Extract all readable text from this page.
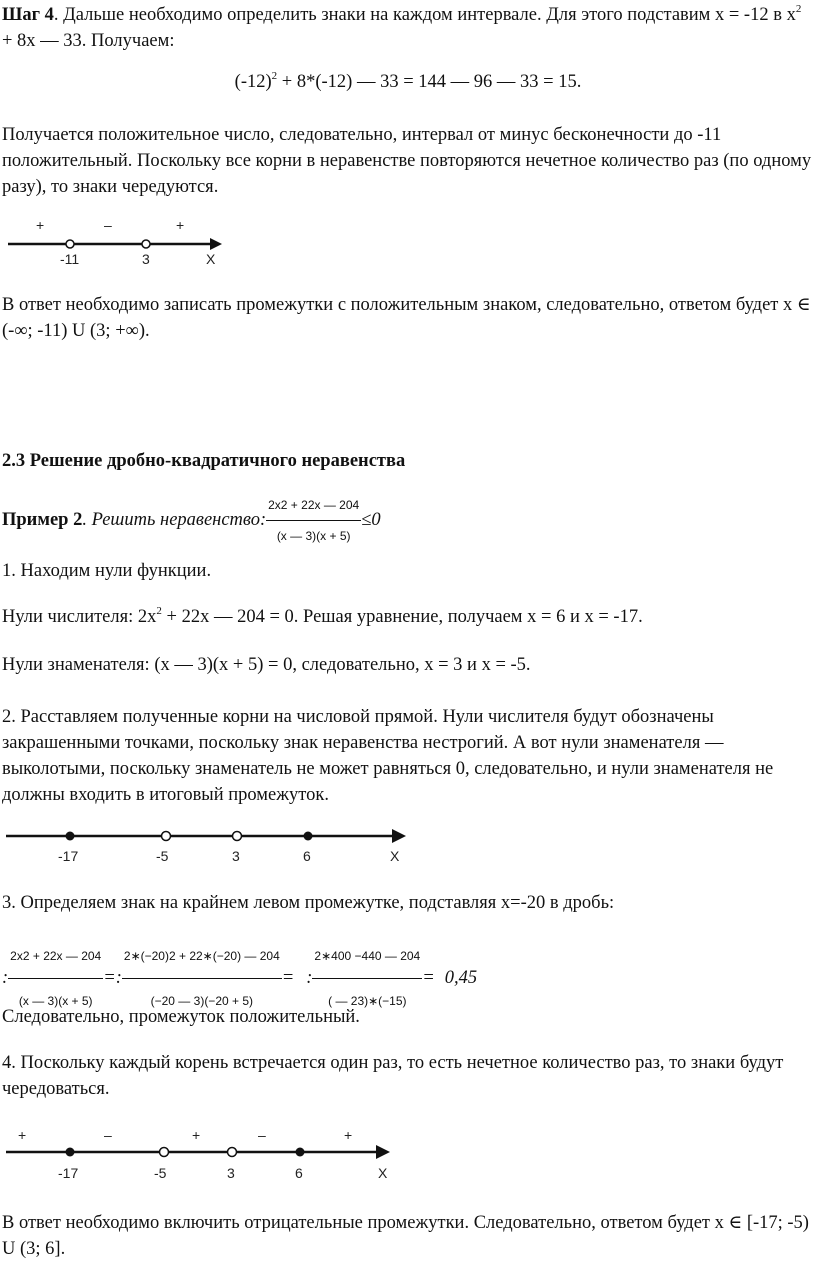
Шаг 4. Дальше необходимо определить знаки на каждом интервале. Для этого подставим x = -12 в $x^2 + 8x$ — 33. Получаем:
$(-12)^2 + 8*(-12)$ — 33 = 144 — 96 — 33 = 15.
Получается положительное число, следовательно, интервал от минус бесконечности до -11 положительный. Поскольку все корни в неравенстве повторяются нечетное количество раз (по одному разу), то знаки чередуются.
+	–	+
-11	3	X
В ответ необходимо записать промежутки с положительным знаком, следовательно, ответом будет x ∈ (-∞; -11) U (3; +∞).
2.3 Решение дробно-квадратичного неравенства
Пример 2. Решить неравенство: $\frac{2x2 + 22x — 204}{(x — 3)(x + 5)} \le 0$
1. Находим нули функции.
Нули числителя: $2x^2 + 22x$ — 204 = 0. Решая уравнение, получаем x = 6 и x = -17.
Нули знаменателя: (x — 3)(x + 5) = 0, следовательно, x = 3 и x = -5.
2. Расставляем полученные корни на числовой прямой. Нули числителя будут обозначены закрашенными точками, поскольку знак неравенства нестрогий. А вот нули знаменателя — выколотыми, поскольку знаменатель не может равняться 0, следовательно, и нули знаменателя не должны входить в итоговый промежуток.
-17	-5	3	6	X
3. Определяем знак на крайнем левом промежутке, подставляя x=-20 в дробь:
: $\frac{2x2 + 22x — 204}{(x — 3)(x + 5)}$ =: $\frac{2∗(-20)2 + 22∗(-20) — 204}{(-20 — 3)(-20 + 5)}$ = : $\frac{2∗400 -440 — 204}{( — 23)∗(-15)} = 0,45$
Следовательно, промежуток положительный.
4. Поскольку каждый корень встречается один раз, то есть нечетное количество раз, то знаки будут чередоваться.
+	–	+	–	+
-17	-5	3	6	X
В ответ необходимо включить отрицательные промежутки. Следовательно, ответом будет x ∈ [-17; -5) U (3; 6].
